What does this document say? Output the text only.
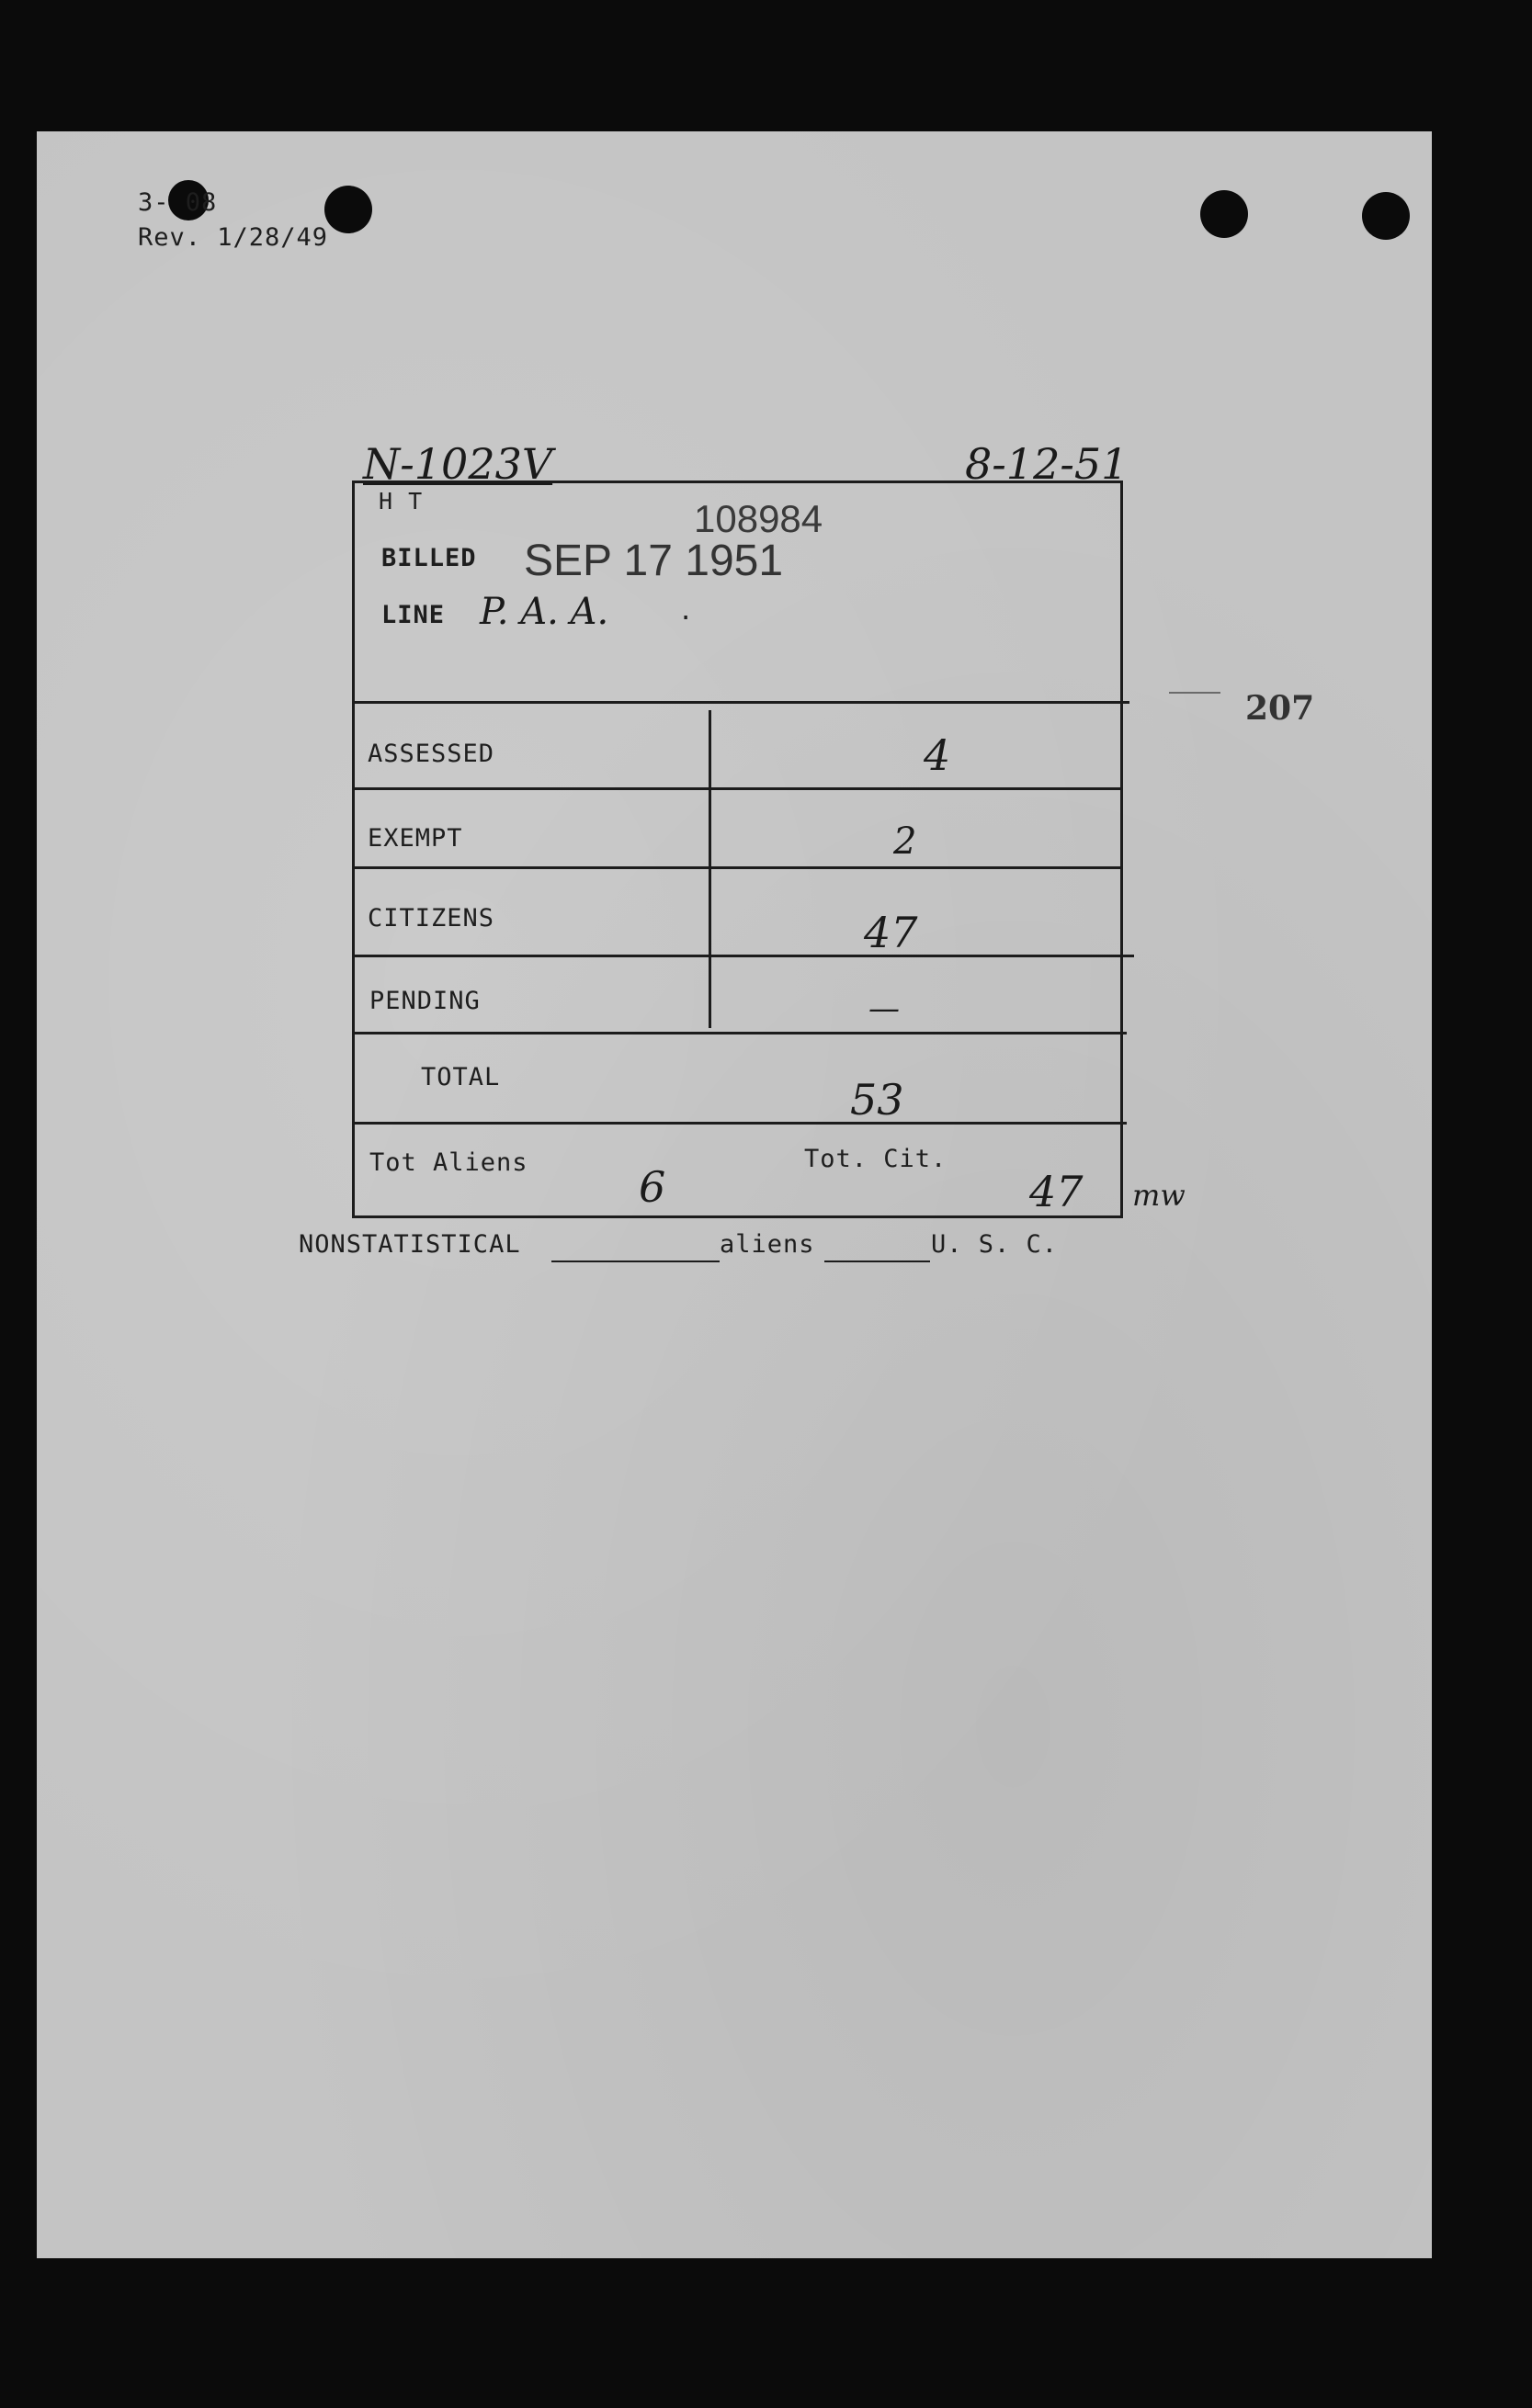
3- 08
Rev. 1/28/49
N-1023V	8-12-51
H T	108984
BILLED SEP 17 1951
LINE P. A. A.	.
207
ASSESSED	4
EXEMPT	2
CITIZENS	47
PENDING	—
TOTAL	53
Tot Aliens	Tot. Cit.
6	47 mw
NONSTATISTICAL	aliens	U. S. C.
